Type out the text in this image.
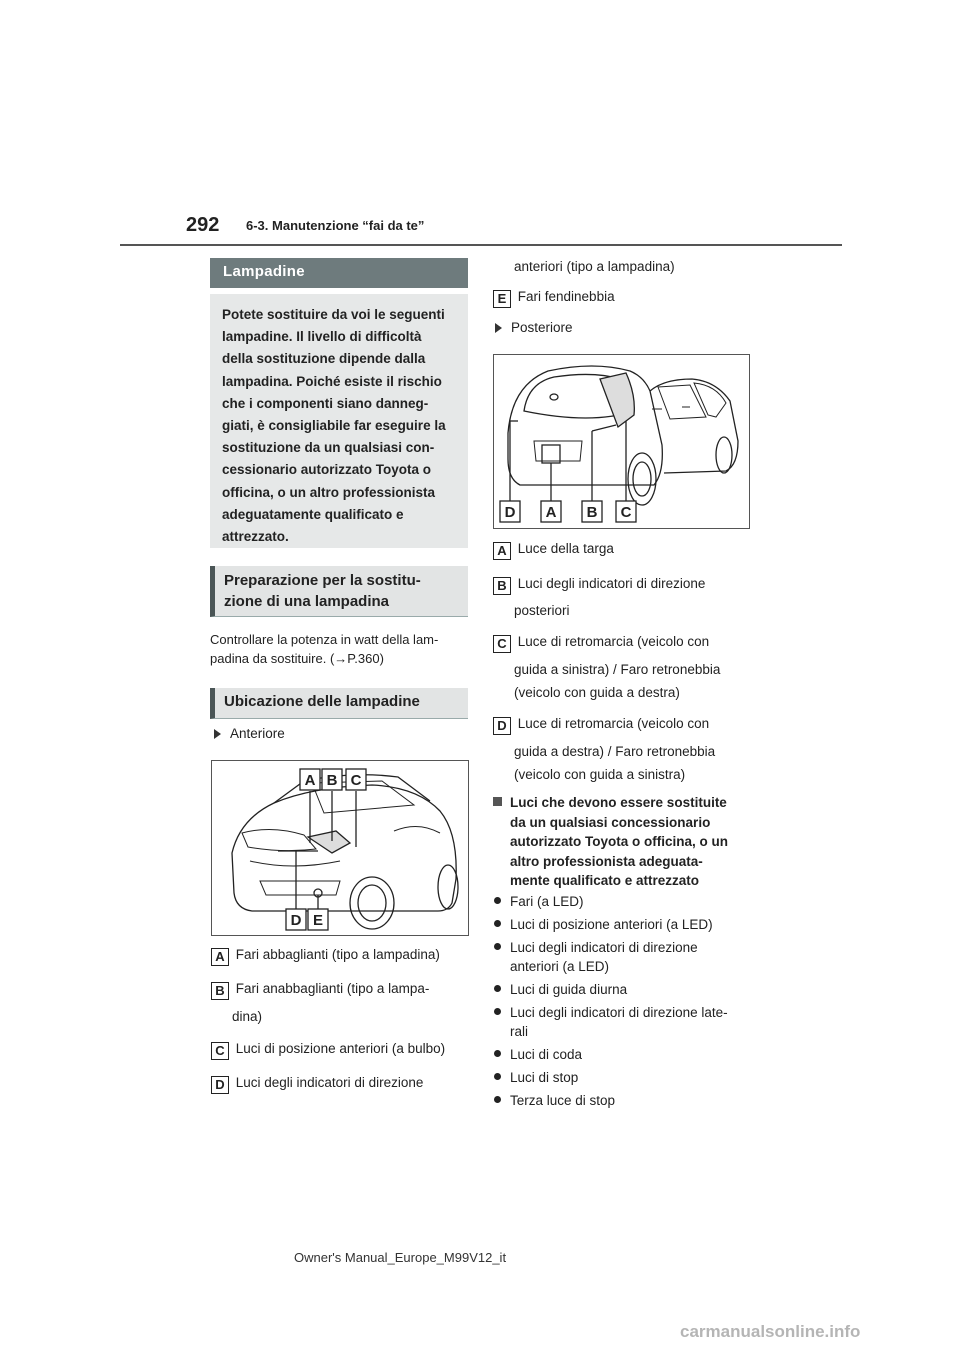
292 6-3. Manutenzione “fai da te”
Lampadine
Potete sostituire da voi le seguenti
lampadine. Il livello di difficoltà
della sostituzione dipende dalla
lampadina. Poiché esiste il rischio
che i componenti siano danneg-
giati, è consigliabile far eseguire la
sostituzione da un qualsiasi con-
cessionario autorizzato Toyota o
officina, o un altro professionista
adeguatamente qualificato e
attrezzato.
Preparazione per la sostitu-
zione di una lampadina
Controllare la potenza in watt della lam-
padina da sostituire. (→P.360)
Ubicazione delle lampadine
Anteriore
A B C
D E
A Fari abbaglianti (tipo a lampadina)
B Fari anabbaglianti (tipo a lampa-
dina)
C Luci di posizione anteriori (a bulbo)
D Luci degli indicatori di direzione
anteriori (tipo a lampadina)
E Fari fendinebbia
Posteriore
D A B C
A Luce della targa
B Luci degli indicatori di direzione
posteriori
C Luce di retromarcia (veicolo con
guida a sinistra) / Faro retronebbia
(veicolo con guida a destra)
D Luce di retromarcia (veicolo con
guida a destra) / Faro retronebbia
(veicolo con guida a sinistra)
Luci che devono essere sostituite
da un qualsiasi concessionario
autorizzato Toyota o officina, o un
altro professionista adeguata-
mente qualificato e attrezzato
Fari (a LED)
Luci di posizione anteriori (a LED)
Luci degli indicatori di direzione
anteriori (a LED)
Luci di guida diurna
Luci degli indicatori di direzione late-
rali
Luci di coda
Luci di stop
Terza luce di stop
Owner's Manual_Europe_M99V12_it
carmanualsonline.info
